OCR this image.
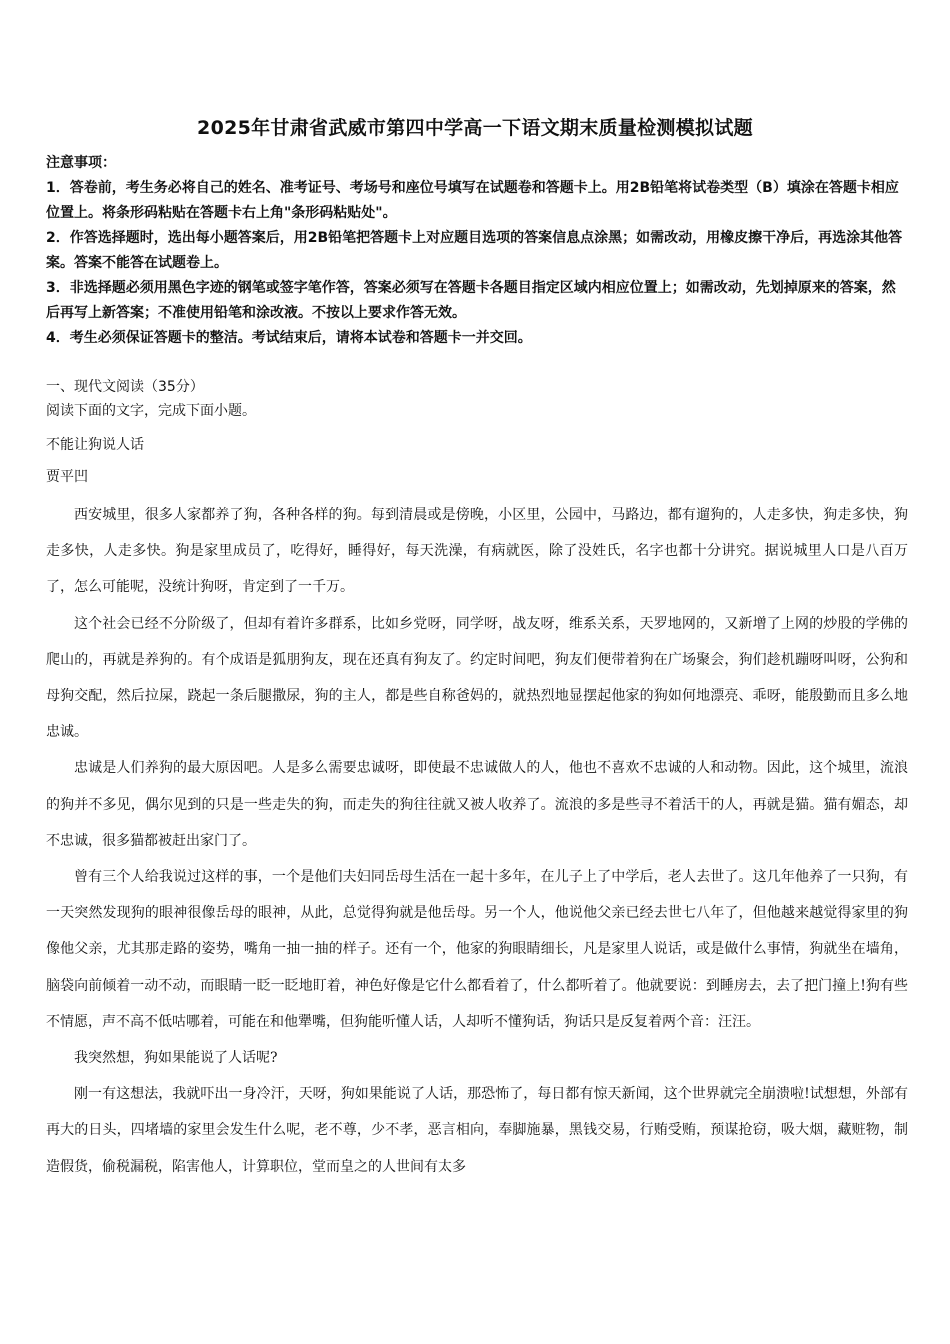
2025年甘肃省武威市第四中学高一下语文期末质量检测模拟试题
注意事项：

1．答卷前，考生务必将自己的姓名、准考证号、考场号和座位号填写在试题卷和答题卡上。用2B铅笔将试卷类型（B）填涂在答题卡相应位置上。将条形码粘贴在答题卡右上角"条形码粘贴处"。

2．作答选择题时，选出每小题答案后，用2B铅笔把答题卡上对应题目选项的答案信息点涂黑；如需改动，用橡皮擦干净后，再选涂其他答案。答案不能答在试题卷上。

3．非选择题必须用黑色字迹的钢笔或签字笔作答，答案必须写在答题卡各题目指定区域内相应位置上；如需改动，先划掉原来的答案，然后再写上新答案；不准使用铅笔和涂改液。不按以上要求作答无效。

4．考生必须保证答题卡的整洁。考试结束后，请将本试卷和答题卡一并交回。

一、现代文阅读（35分）
阅读下面的文字，完成下面小题。
不能让狗说人话
贾平凹

西安城里，很多人家都养了狗，各种各样的狗。每到清晨或是傍晚，小区里，公园中，马路边，都有遛狗的，人走多快，狗走多快，狗走多快，人走多快。狗是家里成员了，吃得好，睡得好，每天洗澡，有病就医，除了没姓氏，名字也都十分讲究。据说城里人口是八百万了，怎么可能呢，没统计狗呀，肯定到了一千万。

这个社会已经不分阶级了，但却有着许多群系，比如乡党呀，同学呀，战友呀，维系关系，天罗地网的，又新增了上网的炒股的学佛的爬山的，再就是养狗的。有个成语是狐朋狗友，现在还真有狗友了。约定时间吧，狗友们便带着狗在广场聚会，狗们趁机蹦呀叫呀，公狗和母狗交配，然后拉屎，跷起一条后腿撒尿，狗的主人，都是些自称爸妈的，就热烈地显摆起他家的狗如何地漂亮、乖呀，能殷勤而且多么地忠诚。

忠诚是人们养狗的最大原因吧。人是多么需要忠诚呀，即使最不忠诚做人的人，他也不喜欢不忠诚的人和动物。因此，这个城里，流浪的狗并不多见，偶尔见到的只是一些走失的狗，而走失的狗往往就又被人收养了。流浪的多是些寻不着活干的人，再就是猫。猫有媚态，却不忠诚，很多猫都被赶出家门了。

曾有三个人给我说过这样的事，一个是他们夫妇同岳母生活在一起十多年，在儿子上了中学后，老人去世了。这几年他养了一只狗，有一天突然发现狗的眼神很像岳母的眼神，从此，总觉得狗就是他岳母。另一个人，他说他父亲已经去世七八年了，但他越来越觉得家里的狗像他父亲，尤其那走路的姿势，嘴角一抽一抽的样子。还有一个，他家的狗眼睛细长，凡是家里人说话，或是做什么事情，狗就坐在墙角，脑袋向前倾着一动不动，而眼睛一眨一眨地盯着，神色好像是它什么都看着了，什么都听着了。他就要说：到睡房去，去了把门撞上!狗有些不情愿，声不高不低咕哪着，可能在和他犟嘴，但狗能听懂人话，人却听不懂狗话，狗话只是反复着两个音：汪汪。

我突然想，狗如果能说了人话呢?

刚一有这想法，我就吓出一身冷汗，天呀，狗如果能说了人话，那恐怖了，每日都有惊天新闻，这个世界就完全崩溃啦!试想想，外部有再大的日头，四堵墙的家里会发生什么呢，老不尊，少不孝，恶言相向，奉脚施暴，黑钱交易，行贿受贿，预谋抢窃，吸大烟，藏赃物，制造假货，偷税漏税，陷害他人，计算职位，堂而皇之的人世间有太多
